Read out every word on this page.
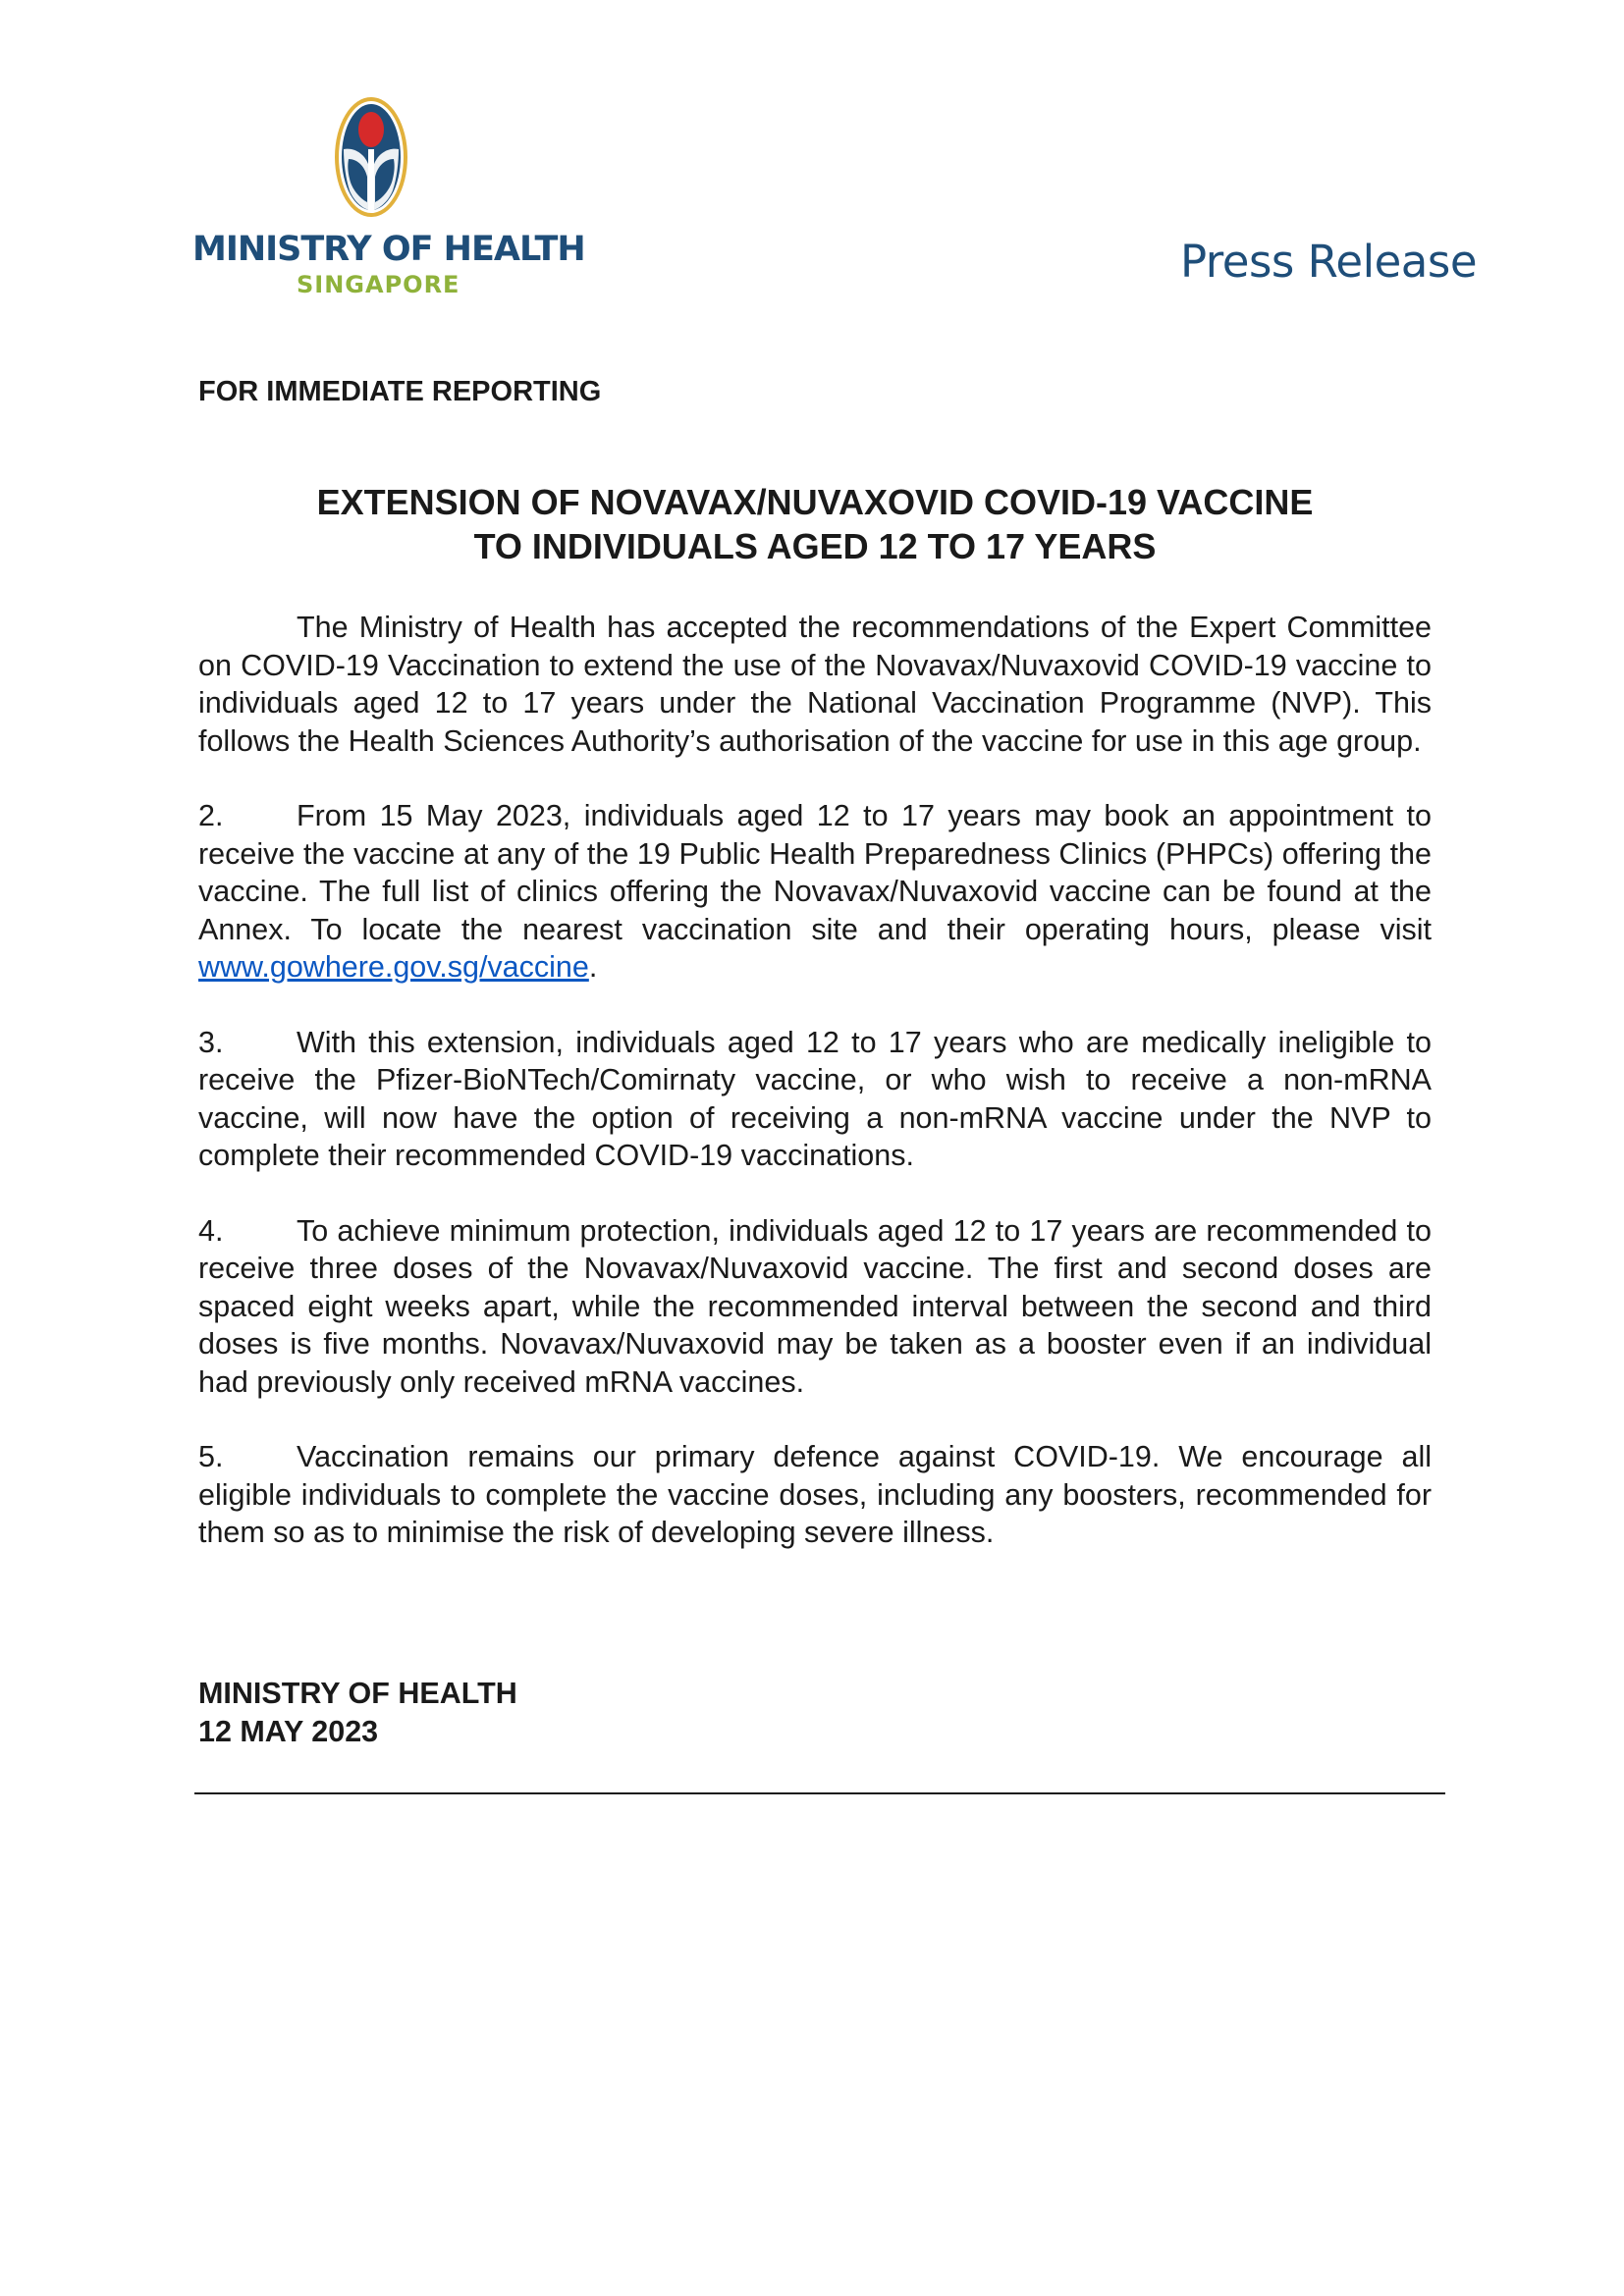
MINISTRY OF HEALTH
SINGAPORE	Press Release
FOR IMMEDIATE REPORTING
EXTENSION OF NOVAVAX/NUVAXOVID COVID-19 VACCINE
TO INDIVIDUALS AGED 12 TO 17 YEARS

The Ministry of Health has accepted the recommendations of the Expert Committee on COVID-19 Vaccination to extend the use of the Novavax/Nuvaxovid COVID-19 vaccine to individuals aged 12 to 17 years under the National Vaccination Programme (NVP). This follows the Health Sciences Authority’s authorisation of the vaccine for use in this age group.

2. From 15 May 2023, individuals aged 12 to 17 years may book an appointment to receive the vaccine at any of the 19 Public Health Preparedness Clinics (PHPCs) offering the vaccine. The full list of clinics offering the Novavax/Nuvaxovid vaccine can be found at the Annex. To locate the nearest vaccination site and their operating hours, please visit www.gowhere.gov.sg/vaccine.

3. With this extension, individuals aged 12 to 17 years who are medically ineligible to receive the Pfizer-BioNTech/Comirnaty vaccine, or who wish to receive a non-mRNA vaccine, will now have the option of receiving a non-mRNA vaccine under the NVP to complete their recommended COVID-19 vaccinations.

4. To achieve minimum protection, individuals aged 12 to 17 years are recommended to receive three doses of the Novavax/Nuvaxovid vaccine. The first and second doses are spaced eight weeks apart, while the recommended interval between the second and third doses is five months. Novavax/Nuvaxovid may be taken as a booster even if an individual had previously only received mRNA vaccines.

5. Vaccination remains our primary defence against COVID-19. We encourage all eligible individuals to complete the vaccine doses, including any boosters, recommended for them so as to minimise the risk of developing severe illness.

MINISTRY OF HEALTH
12 MAY 2023
